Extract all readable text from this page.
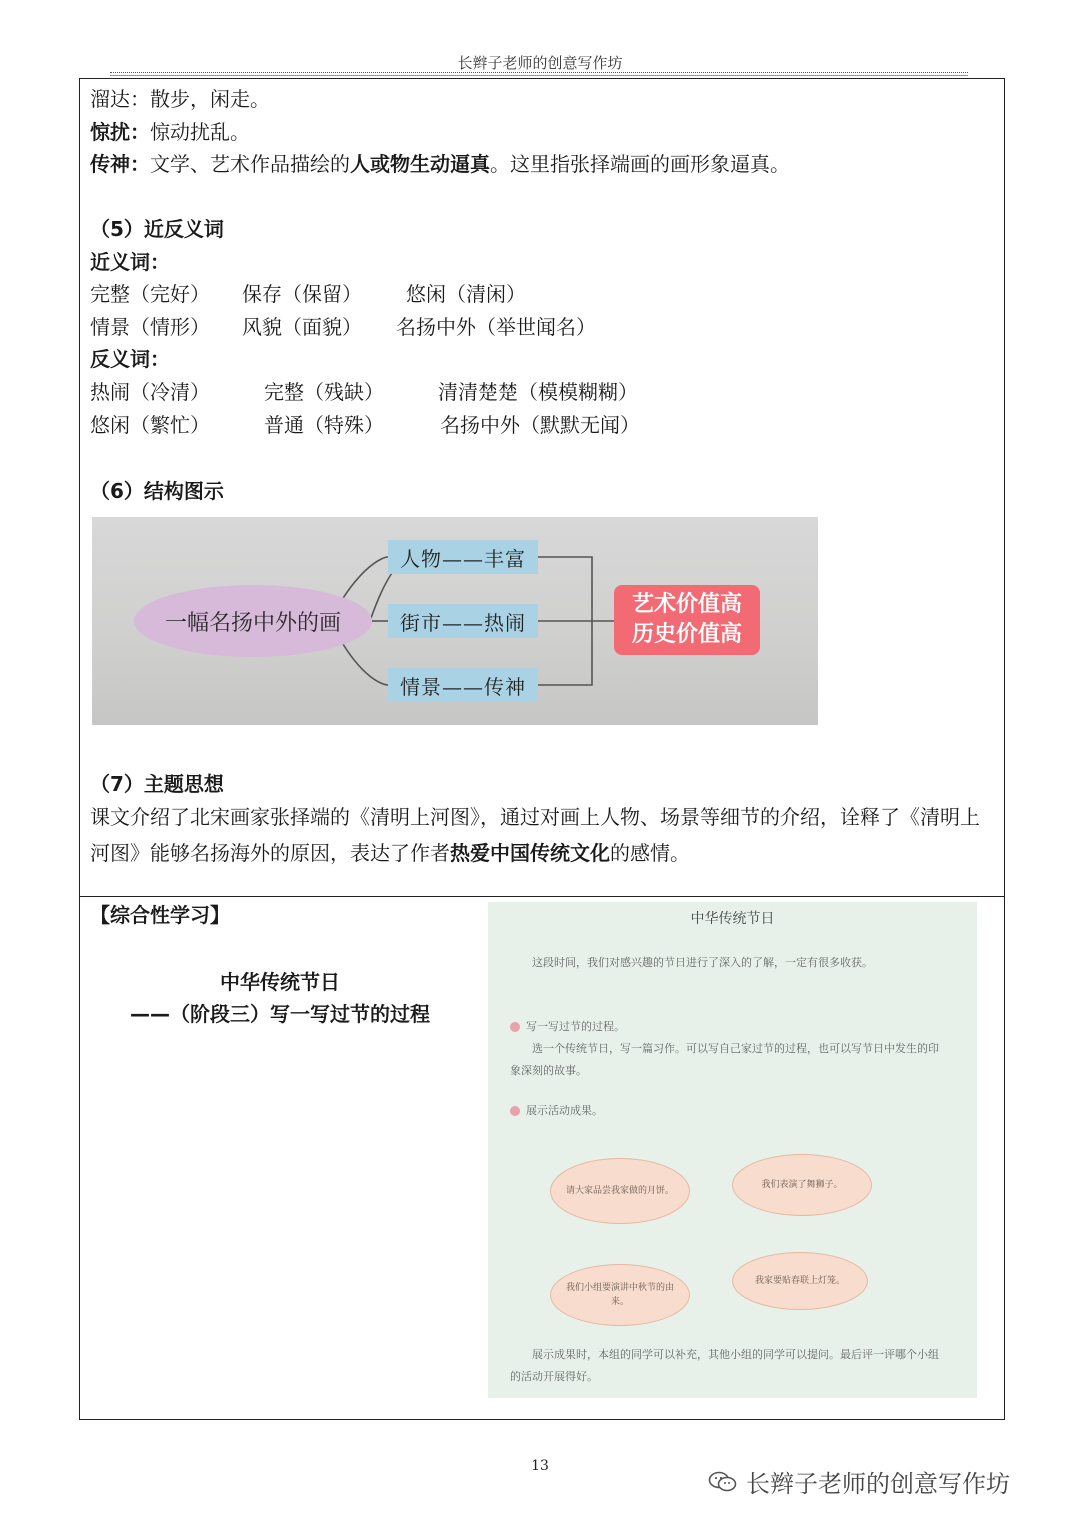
长辫子老师的创意写作坊
溜达：散步，闲走。
惊扰：惊动扰乱。
传神：文学、艺术作品描绘的人或物生动逼真。这里指张择端画的画形象逼真。
（5）近反义词
近义词：
完整（完好） 保存（保留） 悠闲（清闲）
情景（情形） 风貌（面貌） 名扬中外（举世闻名）
反义词：
热闹（冷清）	完整（残缺）	清清楚楚（模模糊糊）
悠闲（繁忙）	普通（特殊）	名扬中外（默默无闻）
（6）结构图示
一幅名扬中外的画
人物——丰富
街市——热闹
情景——传神
艺术价值高
历史价值高
（7）主题思想
课文介绍了北宋画家张择端的《清明上河图》，通过对画上人物、场景等细节的介绍，诠释了《清明上河图》能够名扬海外的原因，表达了作者热爱中国传统文化的感情。
【综合性学习】
中华传统节日
——（阶段三）写一写过节的过程
中华传统节日
这段时间，我们对感兴趣的节日进行了深入的了解，一定有很多收获。
写一写过节的过程。
选一个传统节日，写一篇习作。可以写自己家过节的过程，也可以写节日中发生的印象深刻的故事。
展示活动成果。
请大家品尝我家做的月饼。
我们表演了舞狮子。
我们小组要演讲中秋节的由来。
我家要贴春联上灯笼。
展示成果时，本组的同学可以补充，其他小组的同学可以提问。最后评一评哪个小组的活动开展得好。
13
长辫子老师的创意写作坊
